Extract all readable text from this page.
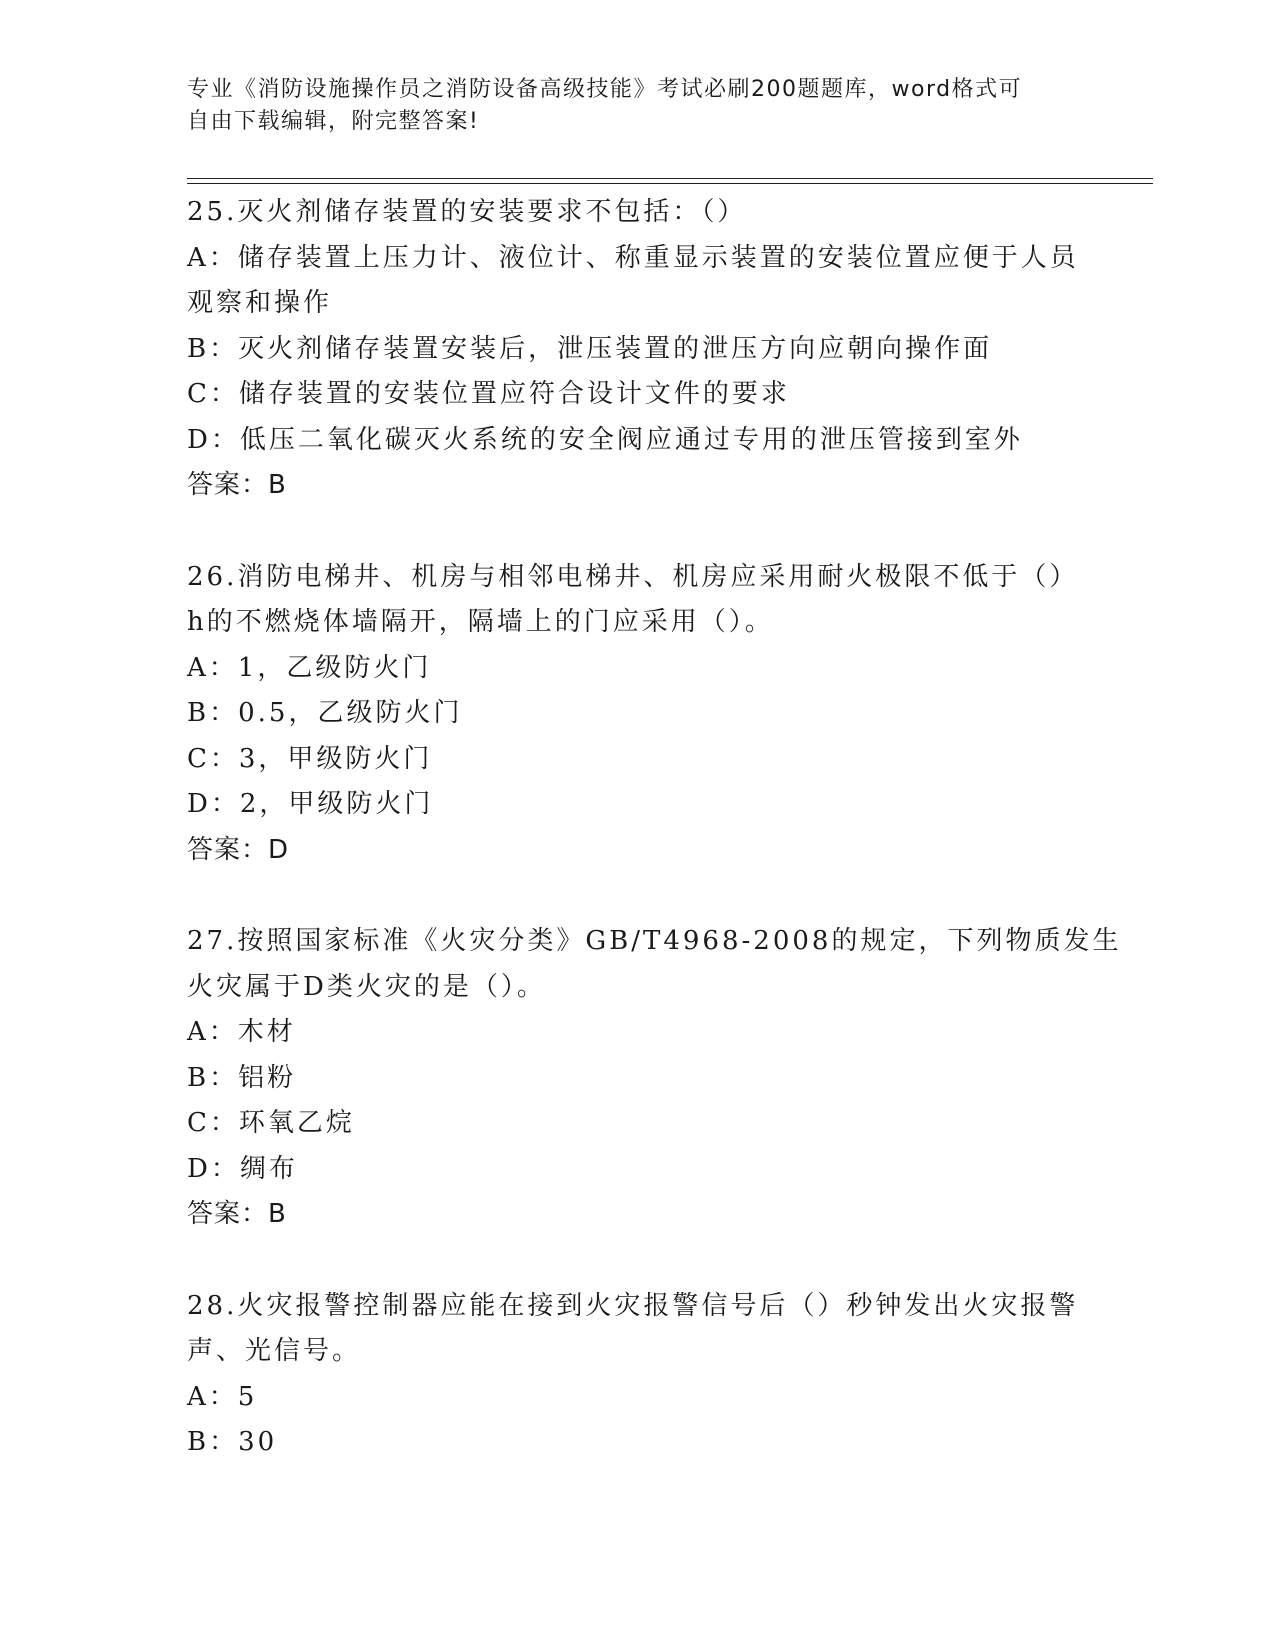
专业《消防设施操作员之消防设备高级技能》考试必刷200题题库，word格式可
自由下载编辑，附完整答案!
25.灭火剂储存装置的安装要求不包括：（）
A：储存装置上压力计、液位计、称重显示装置的安装位置应便于人员
观察和操作
B：灭火剂储存装置安装后，泄压装置的泄压方向应朝向操作面
C：储存装置的安装位置应符合设计文件的要求
D：低压二氧化碳灭火系统的安全阀应通过专用的泄压管接到室外
答案：B
26.消防电梯井、机房与相邻电梯井、机房应采用耐火极限不低于（）
h的不燃烧体墙隔开，隔墙上的门应采用（）。
A：1，乙级防火门
B：0.5，乙级防火门
C：3，甲级防火门
D：2，甲级防火门
答案：D
27.按照国家标准《火灾分类》GB/T4968-2008的规定，下列物质发生
火灾属于D类火灾的是（）。
A：木材
B：铝粉
C：环氧乙烷
D：绸布
答案：B
28.火灾报警控制器应能在接到火灾报警信号后（）秒钟发出火灾报警
声、光信号。
A：5
B：30
